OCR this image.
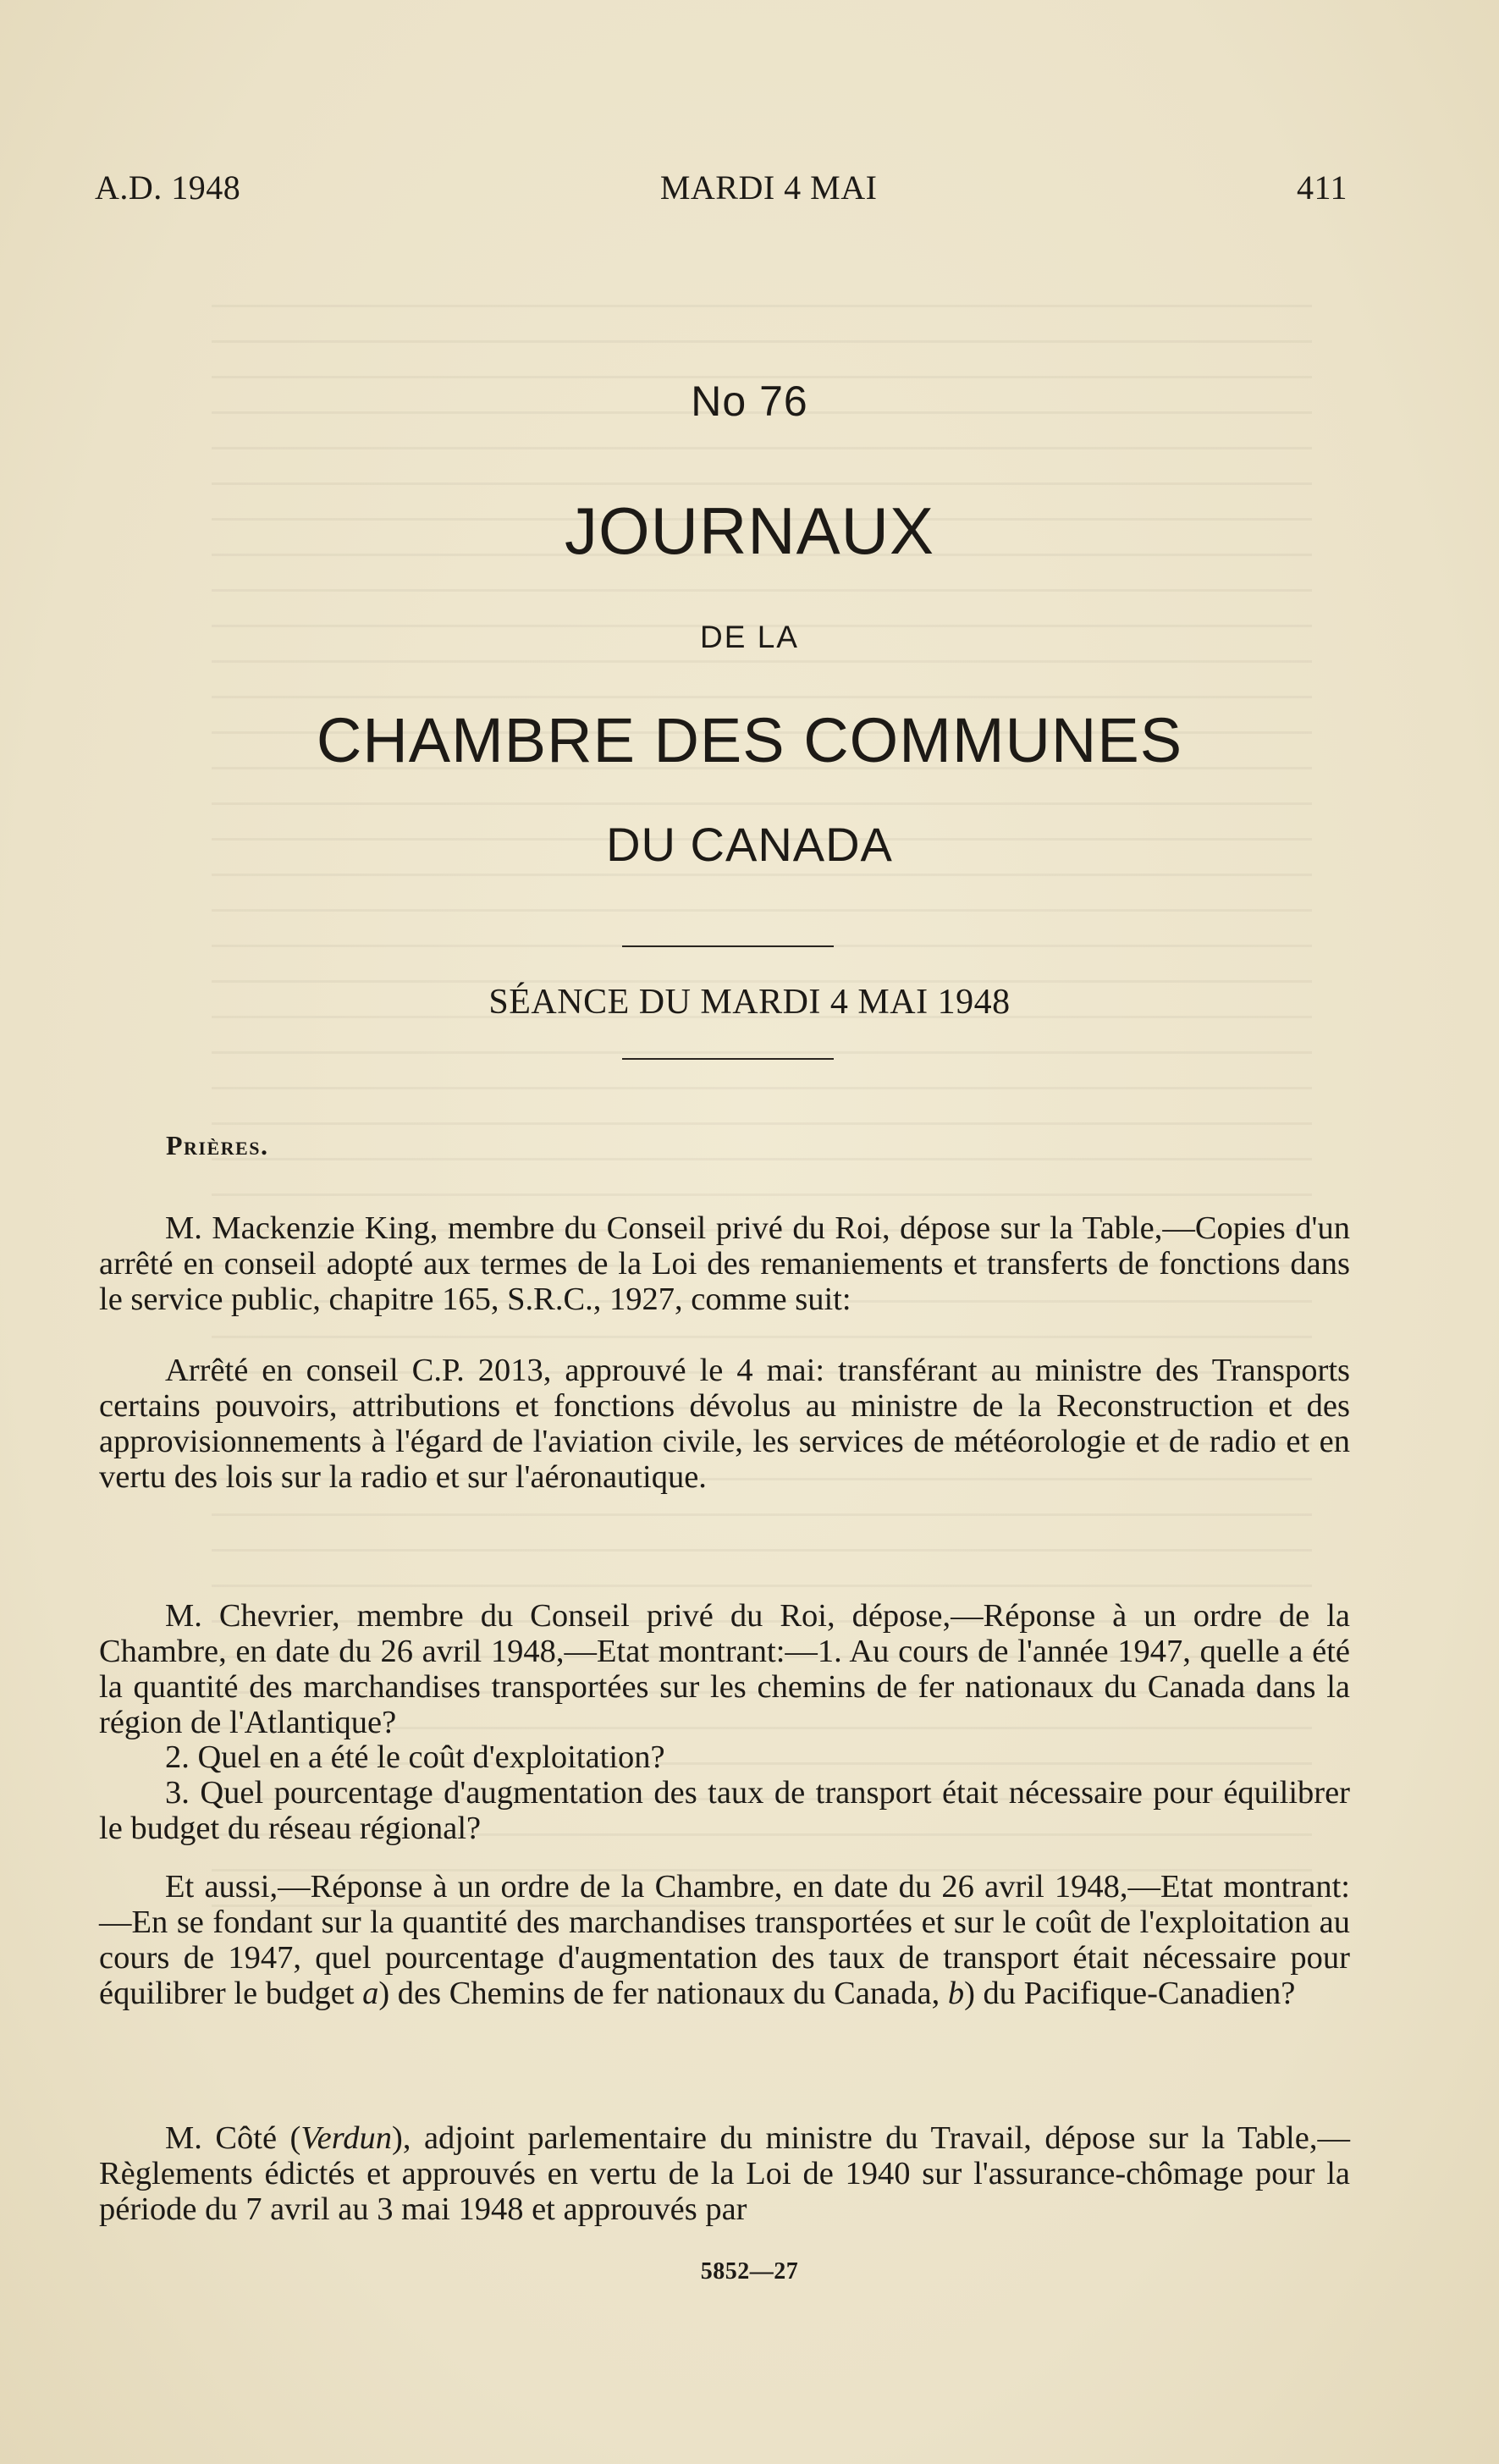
A.D. 1948	MARDI 4 MAI	411
No 76
JOURNAUX
DE LA
CHAMBRE DES COMMUNES
DU CANADA
SÉANCE DU MARDI 4 MAI 1948
Prières.

M. Mackenzie King, membre du Conseil privé du Roi, dépose sur la Table,—Copies d'un arrêté en conseil adopté aux termes de la Loi des remaniements et transferts de fonctions dans le service public, chapitre 165, S.R.C., 1927, comme suit:

Arrêté en conseil C.P. 2013, approuvé le 4 mai: transférant au ministre des Transports certains pouvoirs, attributions et fonctions dévolus au ministre de la Reconstruction et des approvisionnements à l'égard de l'aviation civile, les services de météorologie et de radio et en vertu des lois sur la radio et sur l'aéronautique.

M. Chevrier, membre du Conseil privé du Roi, dépose,—Réponse à un ordre de la Chambre, en date du 26 avril 1948,—Etat montrant:—1. Au cours de l'année 1947, quelle a été la quantité des marchandises transportées sur les chemins de fer nationaux du Canada dans la région de l'Atlantique?

2. Quel en a été le coût d'exploitation?

3. Quel pourcentage d'augmentation des taux de transport était nécessaire pour équilibrer le budget du réseau régional?

Et aussi,—Réponse à un ordre de la Chambre, en date du 26 avril 1948,—Etat montrant:—En se fondant sur la quantité des marchandises transportées et sur le coût de l'exploitation au cours de 1947, quel pourcentage d'augmentation des taux de transport était nécessaire pour équilibrer le budget a) des Chemins de fer nationaux du Canada, b) du Pacifique-Canadien?

M. Côté (Verdun), adjoint parlementaire du ministre du Travail, dépose sur la Table,—Règlements édictés et approuvés en vertu de la Loi de 1940 sur l'assurance-chômage pour la période du 7 avril au 3 mai 1948 et approuvés par

5852—27
